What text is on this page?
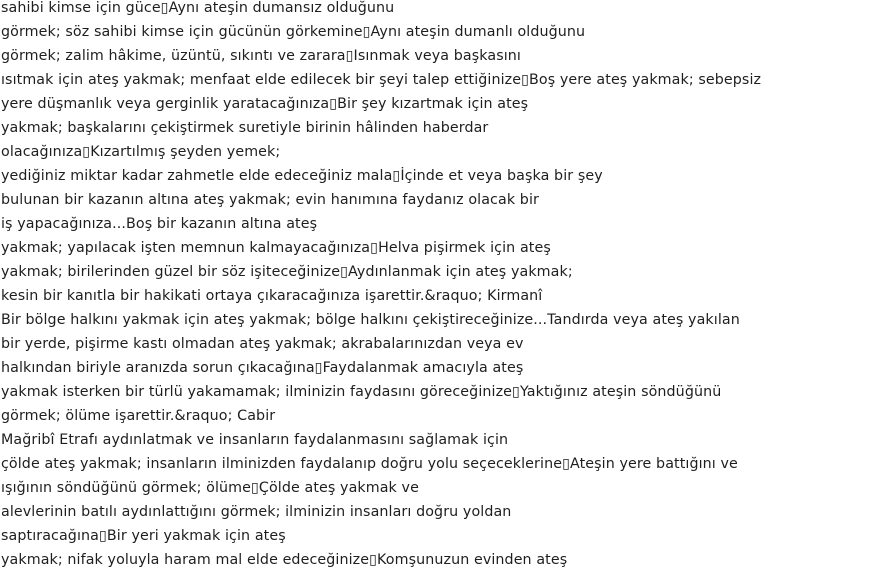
sahibi kimse için güce▯Aynı ateşin dumansız olduğunu
görmek; söz sahibi kimse için gücünün görkemine▯Aynı ateşin dumanlı olduğunu
görmek; zalim hâkime, üzüntü, sıkıntı ve zarara▯Isınmak veya başkasını
ısıtmak için ateş yakmak; menfaat elde edilecek bir şeyi talep ettiğinize▯Boş yere ateş yakmak; sebepsiz
yere düşmanlık veya gerginlik yaratacağınıza▯Bir şey kızartmak için ateş
yakmak; başkalarını çekiştirmek suretiyle birinin hâlinden haberdar
olacağınıza▯Kızartılmış şeyden yemek;
yediğiniz miktar kadar zahmetle elde edeceğiniz mala▯İçinde et veya başka bir şey
bulunan bir kazanın altına ateş yakmak; evin hanımına faydanız olacak bir
iş yapacağınıza...Boş bir kazanın altına ateş
yakmak; yapılacak işten memnun kalmayacağınıza▯Helva pişirmek için ateş
yakmak; birilerinden güzel bir söz işiteceğinize▯Aydınlanmak için ateş yakmak;
kesin bir kanıtla bir hakikati ortaya çıkaracağınıza işarettir.&raquo; Kirmanî
Bir bölge halkını yakmak için ateş yakmak; bölge halkını çekiştireceğinize...Tandırda veya ateş yakılan
bir yerde, pişirme kastı olmadan ateş yakmak; akrabalarınızdan veya ev
halkından biriyle aranızda sorun çıkacağına▯Faydalanmak amacıyla ateş
yakmak isterken bir türlü yakamamak; ilminizin faydasını göreceğinize▯Yaktığınız ateşin söndüğünü
görmek; ölüme işarettir.&raquo; Cabir
Mağribî Etrafı aydınlatmak ve insanların faydalanmasını sağlamak için
çölde ateş yakmak; insanların ilminizden faydalanıp doğru yolu seçeceklerine▯Ateşin yere battığını ve
ışığının söndüğünü görmek; ölüme▯Çölde ateş yakmak ve
alevlerinin batılı aydınlattığını görmek; ilminizin insanları doğru yoldan
saptıracağına▯Bir yeri yakmak için ateş
yakmak; nifak yoluyla haram mal elde edeceğinize▯Komşunuzun evinden ateş
